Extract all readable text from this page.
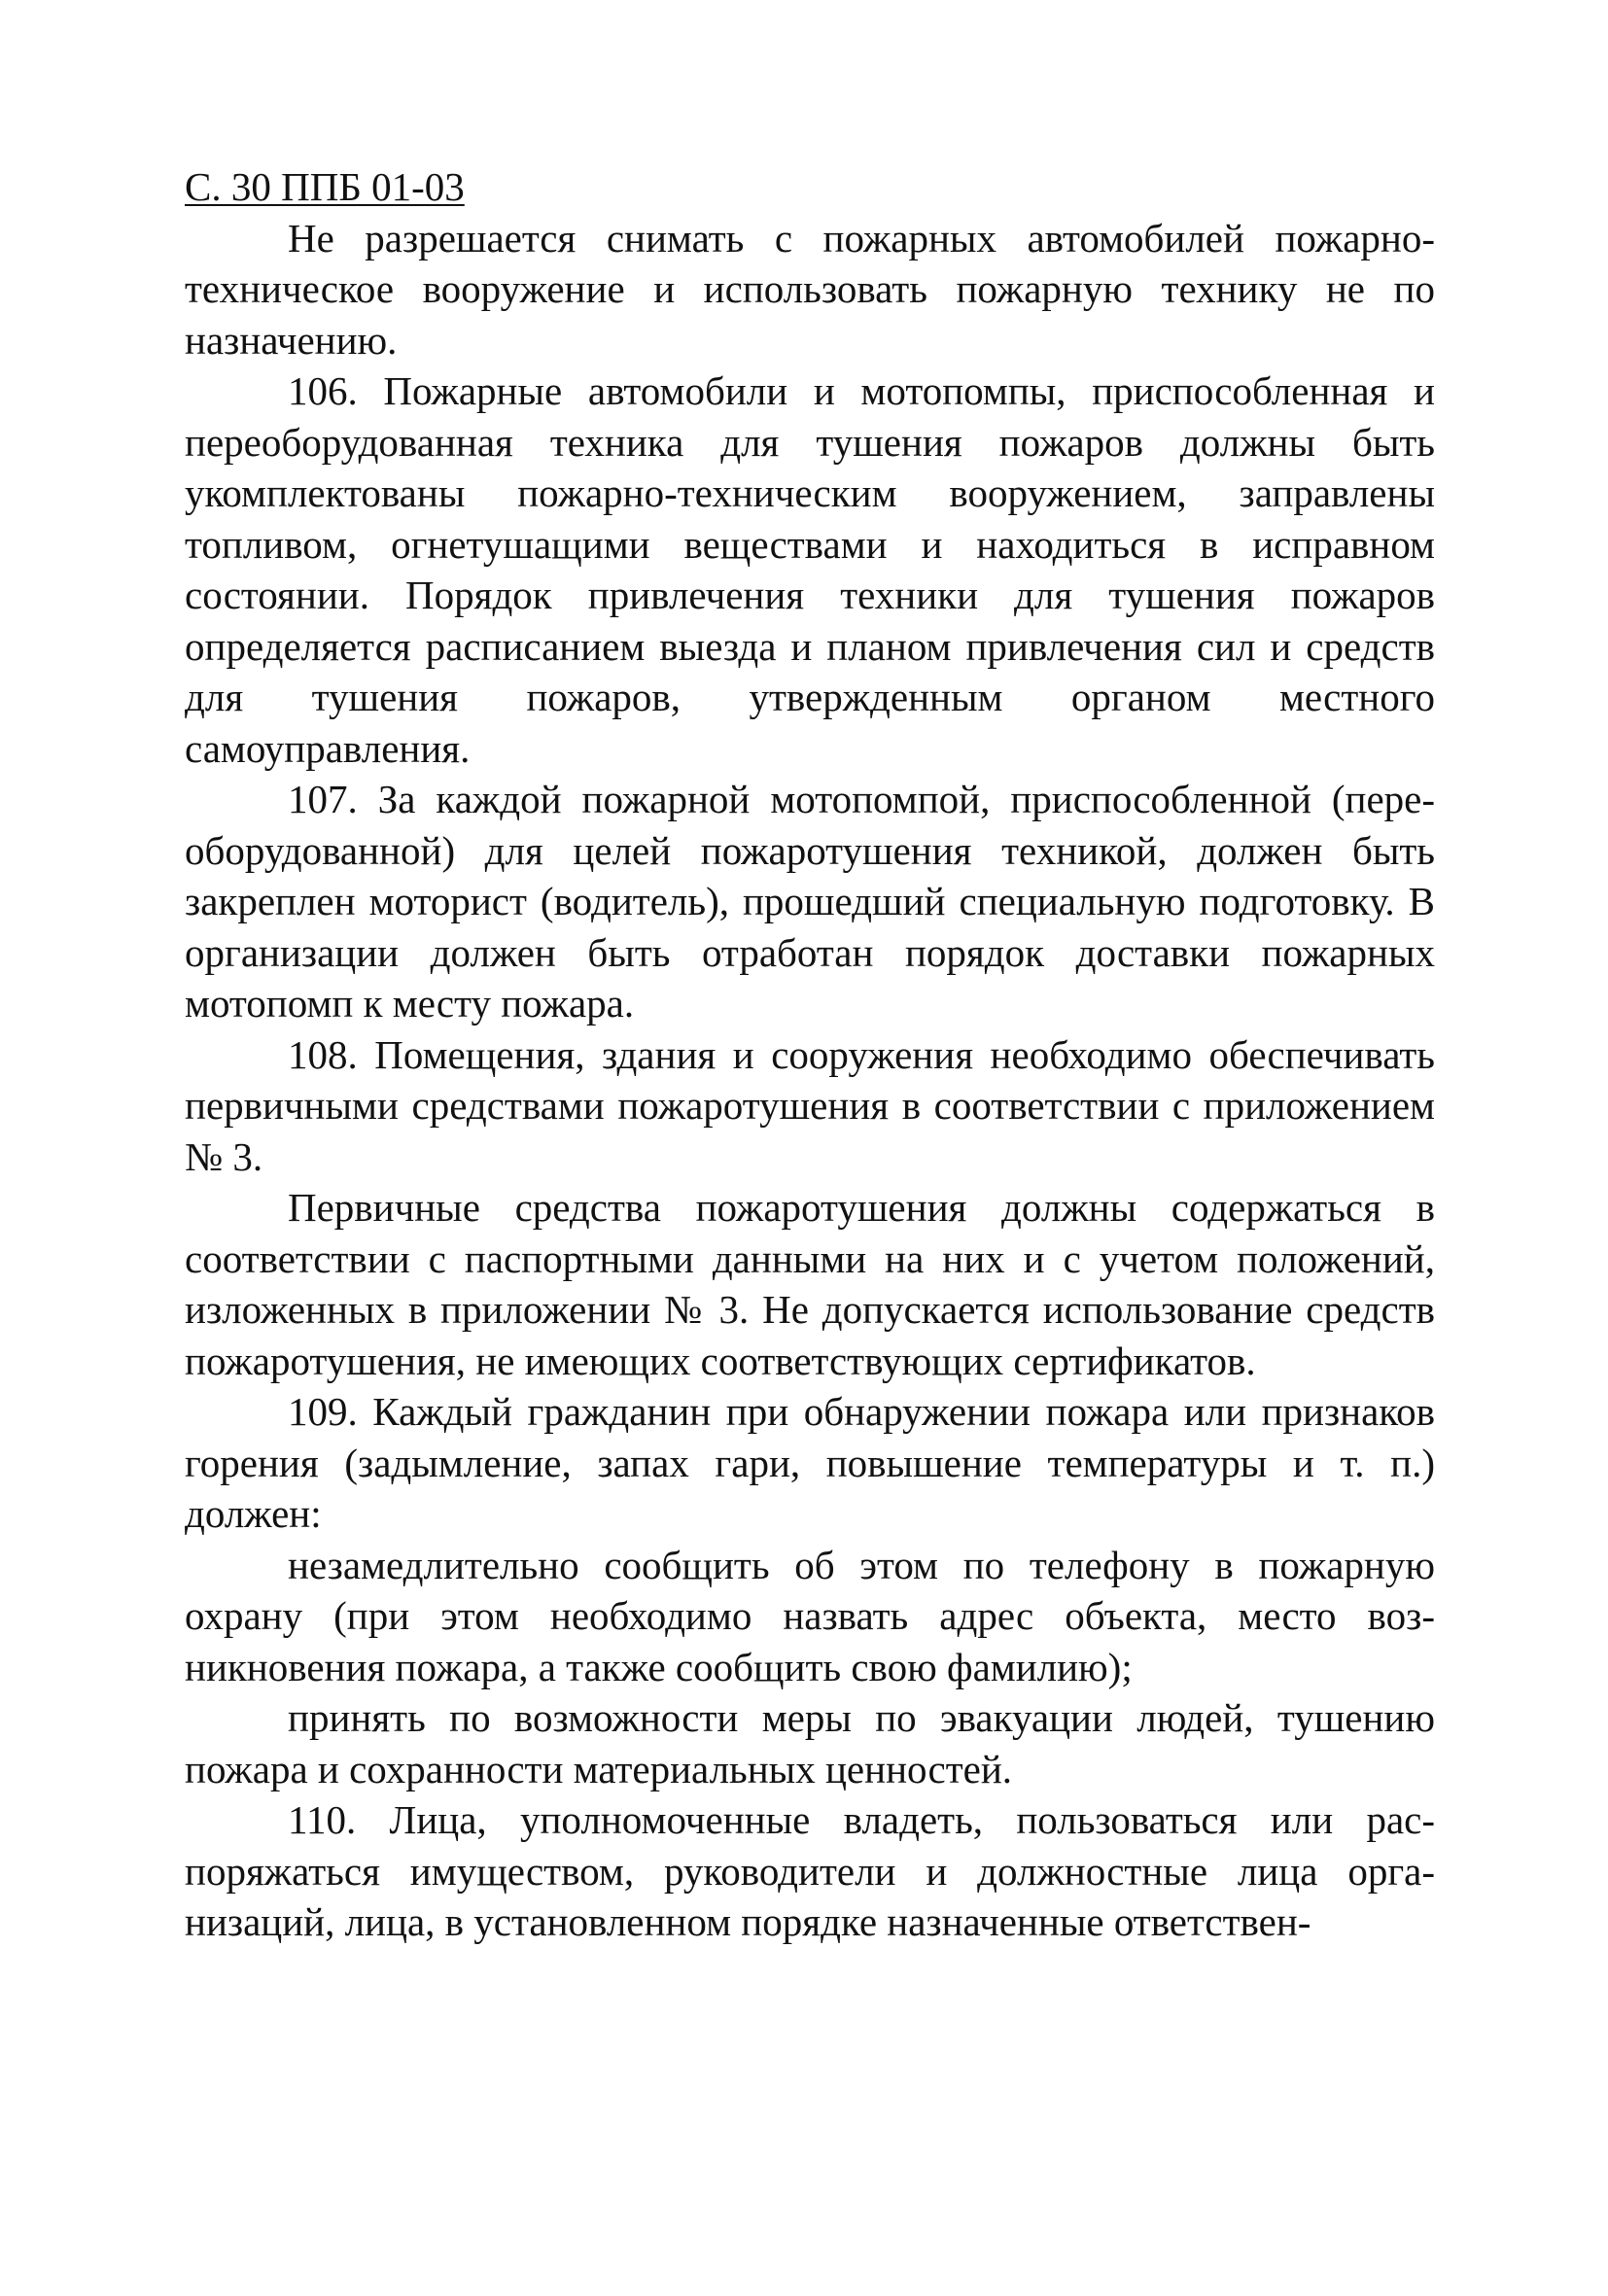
С. 30 ППБ 01-03

Не разрешается снимать с пожарных автомобилей пожарно-техническое вооружение и использовать пожарную технику не по назначению.

106. Пожарные автомобили и мотопомпы, приспособленная и переоборудованная техника для тушения пожаров должны быть укомплектованы пожарно-техническим вооружением, заправлены топливом, огнетушащими веществами и находиться в исправном состоянии. Порядок привлечения техники для тушения пожаров определяется расписанием выезда и планом привлечения сил и средств для тушения пожаров, утвержденным органом местного самоуправления.

107. За каждой пожарной мотопомпой, приспособленной (переоборудованной) для целей пожаротушения техникой, должен быть закреплен моторист (водитель), прошедший специальную подготовку. В организации должен быть отработан порядок доставки пожарных мотопомп к месту пожара.

108. Помещения, здания и сооружения необходимо обеспечивать первичными средствами пожаротушения в соответствии с приложением № 3.

Первичные средства пожаротушения должны содержаться в соответствии с паспортными данными на них и с учетом положений, изложенных в приложении № 3. Не допускается использование средств пожаротушения, не имеющих соответствующих сертификатов.

109. Каждый гражданин при обнаружении пожара или признаков горения (задымление, запах гари, повышение температуры и т. п.) должен:

незамедлительно сообщить об этом по телефону в пожарную охрану (при этом необходимо назвать адрес объекта, место возникновения пожара, а также сообщить свою фамилию);

принять по возможности меры по эвакуации людей, тушению пожара и сохранности материальных ценностей.

110. Лица, уполномоченные владеть, пользоваться или распоряжаться имуществом, руководители и должностные лица организаций, лица, в установленном порядке назначенные ответствен-
